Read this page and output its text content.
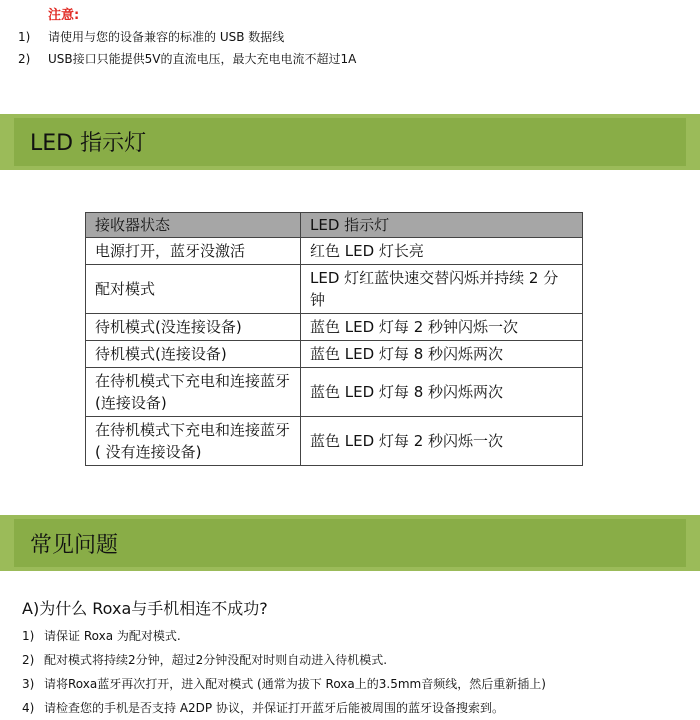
注意:
1) 请使用与您的设备兼容的标准的 USB 数据线
2) USB接口只能提供5V的直流电压，最大充电电流不超过1A
LED 指示灯
接收器状态	LED 指示灯
电源打开，蓝牙没激活	红色 LED 灯长亮
配对模式	LED 灯红蓝快速交替闪烁并持续 2 分钟
待机模式(没连接设备)	蓝色 LED 灯每 2 秒钟闪烁一次
待机模式(连接设备)	蓝色 LED 灯每 8 秒闪烁两次
在待机模式下充电和连接蓝牙 (连接设备)	蓝色 LED 灯每 8 秒闪烁两次
在待机模式下充电和连接蓝牙 ( 没有连接设备)	蓝色 LED 灯每 2 秒闪烁一次
常见问题
A)为什么 Roxa与手机相连不成功?
1) 请保证 Roxa 为配对模式.
2) 配对模式将持续2分钟，超过2分钟没配对时则自动进入待机模式.
3) 请将Roxa蓝牙再次打开，进入配对模式 (通常为拔下 Roxa上的3.5mm音频线，然后重新插上)
4) 请检查您的手机是否支持 A2DP 协议，并保证打开蓝牙后能被周围的蓝牙设备搜索到。
